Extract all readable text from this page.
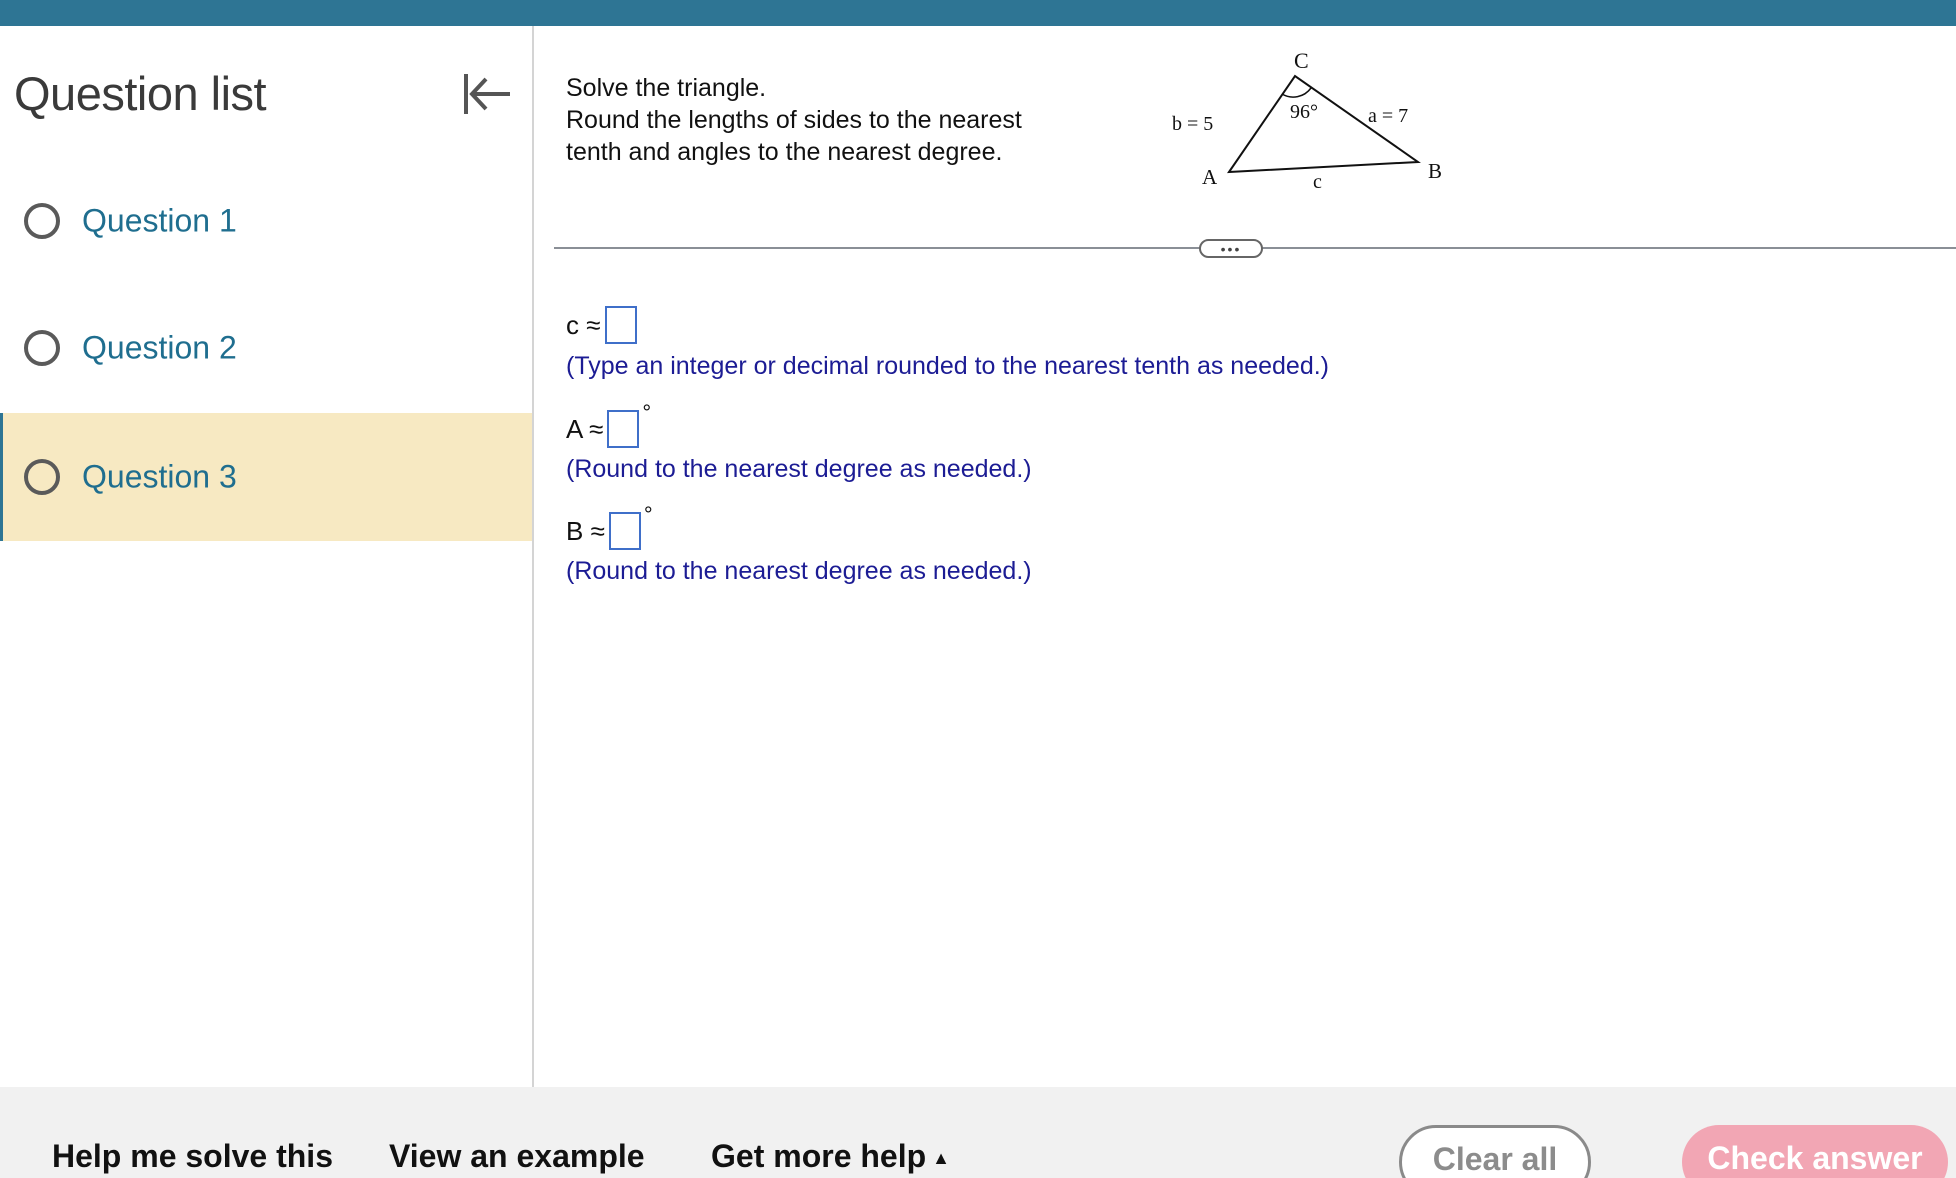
Question list
Question 1
Question 2
Question 3
Solve the triangle.
Round the lengths of sides to the nearest
tenth and angles to the nearest degree.
C
b = 5
96°	a = 7
A	c	B
•••
c ≈
(Type an integer or decimal rounded to the nearest tenth as needed.)
A ≈
°
(Round to the nearest degree as needed.)
B ≈
°
(Round to the nearest degree as needed.)
Help me solve this View an example Get more help ▲	Clear all	Check answer
